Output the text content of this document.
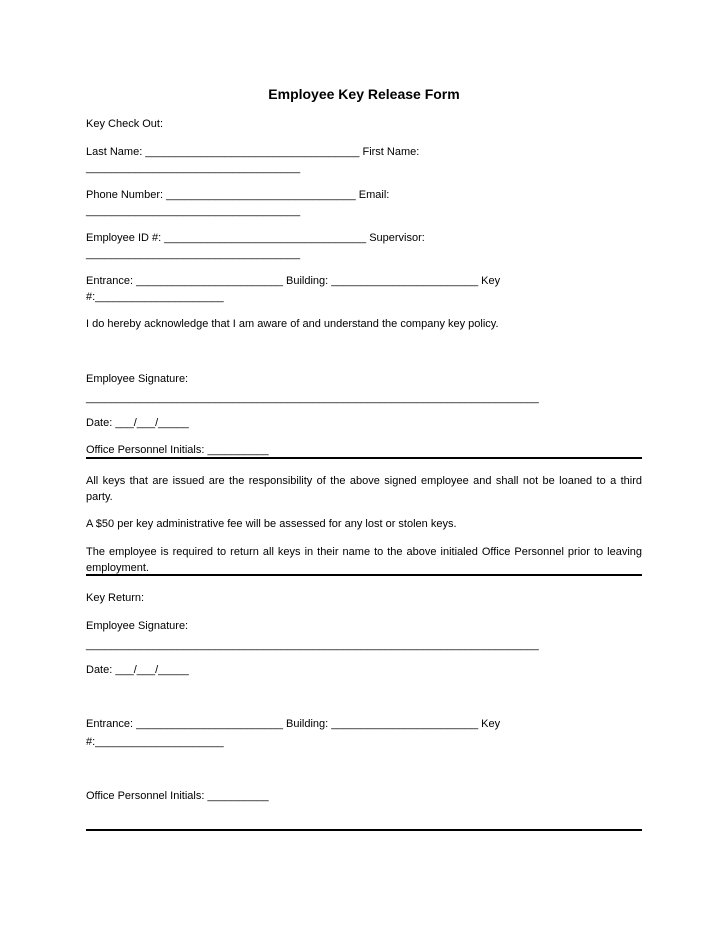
Employee Key Release Form
Key Check Out:
Last Name: ___________________________________ First Name:
___________________________________
Phone Number: _______________________________ Email:
___________________________________
Employee ID #: _________________________________ Supervisor:
___________________________________
Entrance: ________________________ Building: ________________________ Key
#:_____________________
I do hereby acknowledge that I am aware of and understand the company key policy.
Employee Signature:
__________________________________________________________________________
Date: ___/___/_____
Office Personnel Initials: __________
All keys that are issued are the responsibility of the above signed employee and shall not be loaned to a third party.
A $50 per key administrative fee will be assessed for any lost or stolen keys.
The employee is required to return all keys in their name to the above initialed Office Personnel prior to leaving employment.
Key Return:
Employee Signature:
__________________________________________________________________________
Date: ___/___/_____
Entrance: ________________________ Building: ________________________ Key
#:_____________________
Office Personnel Initials: __________
